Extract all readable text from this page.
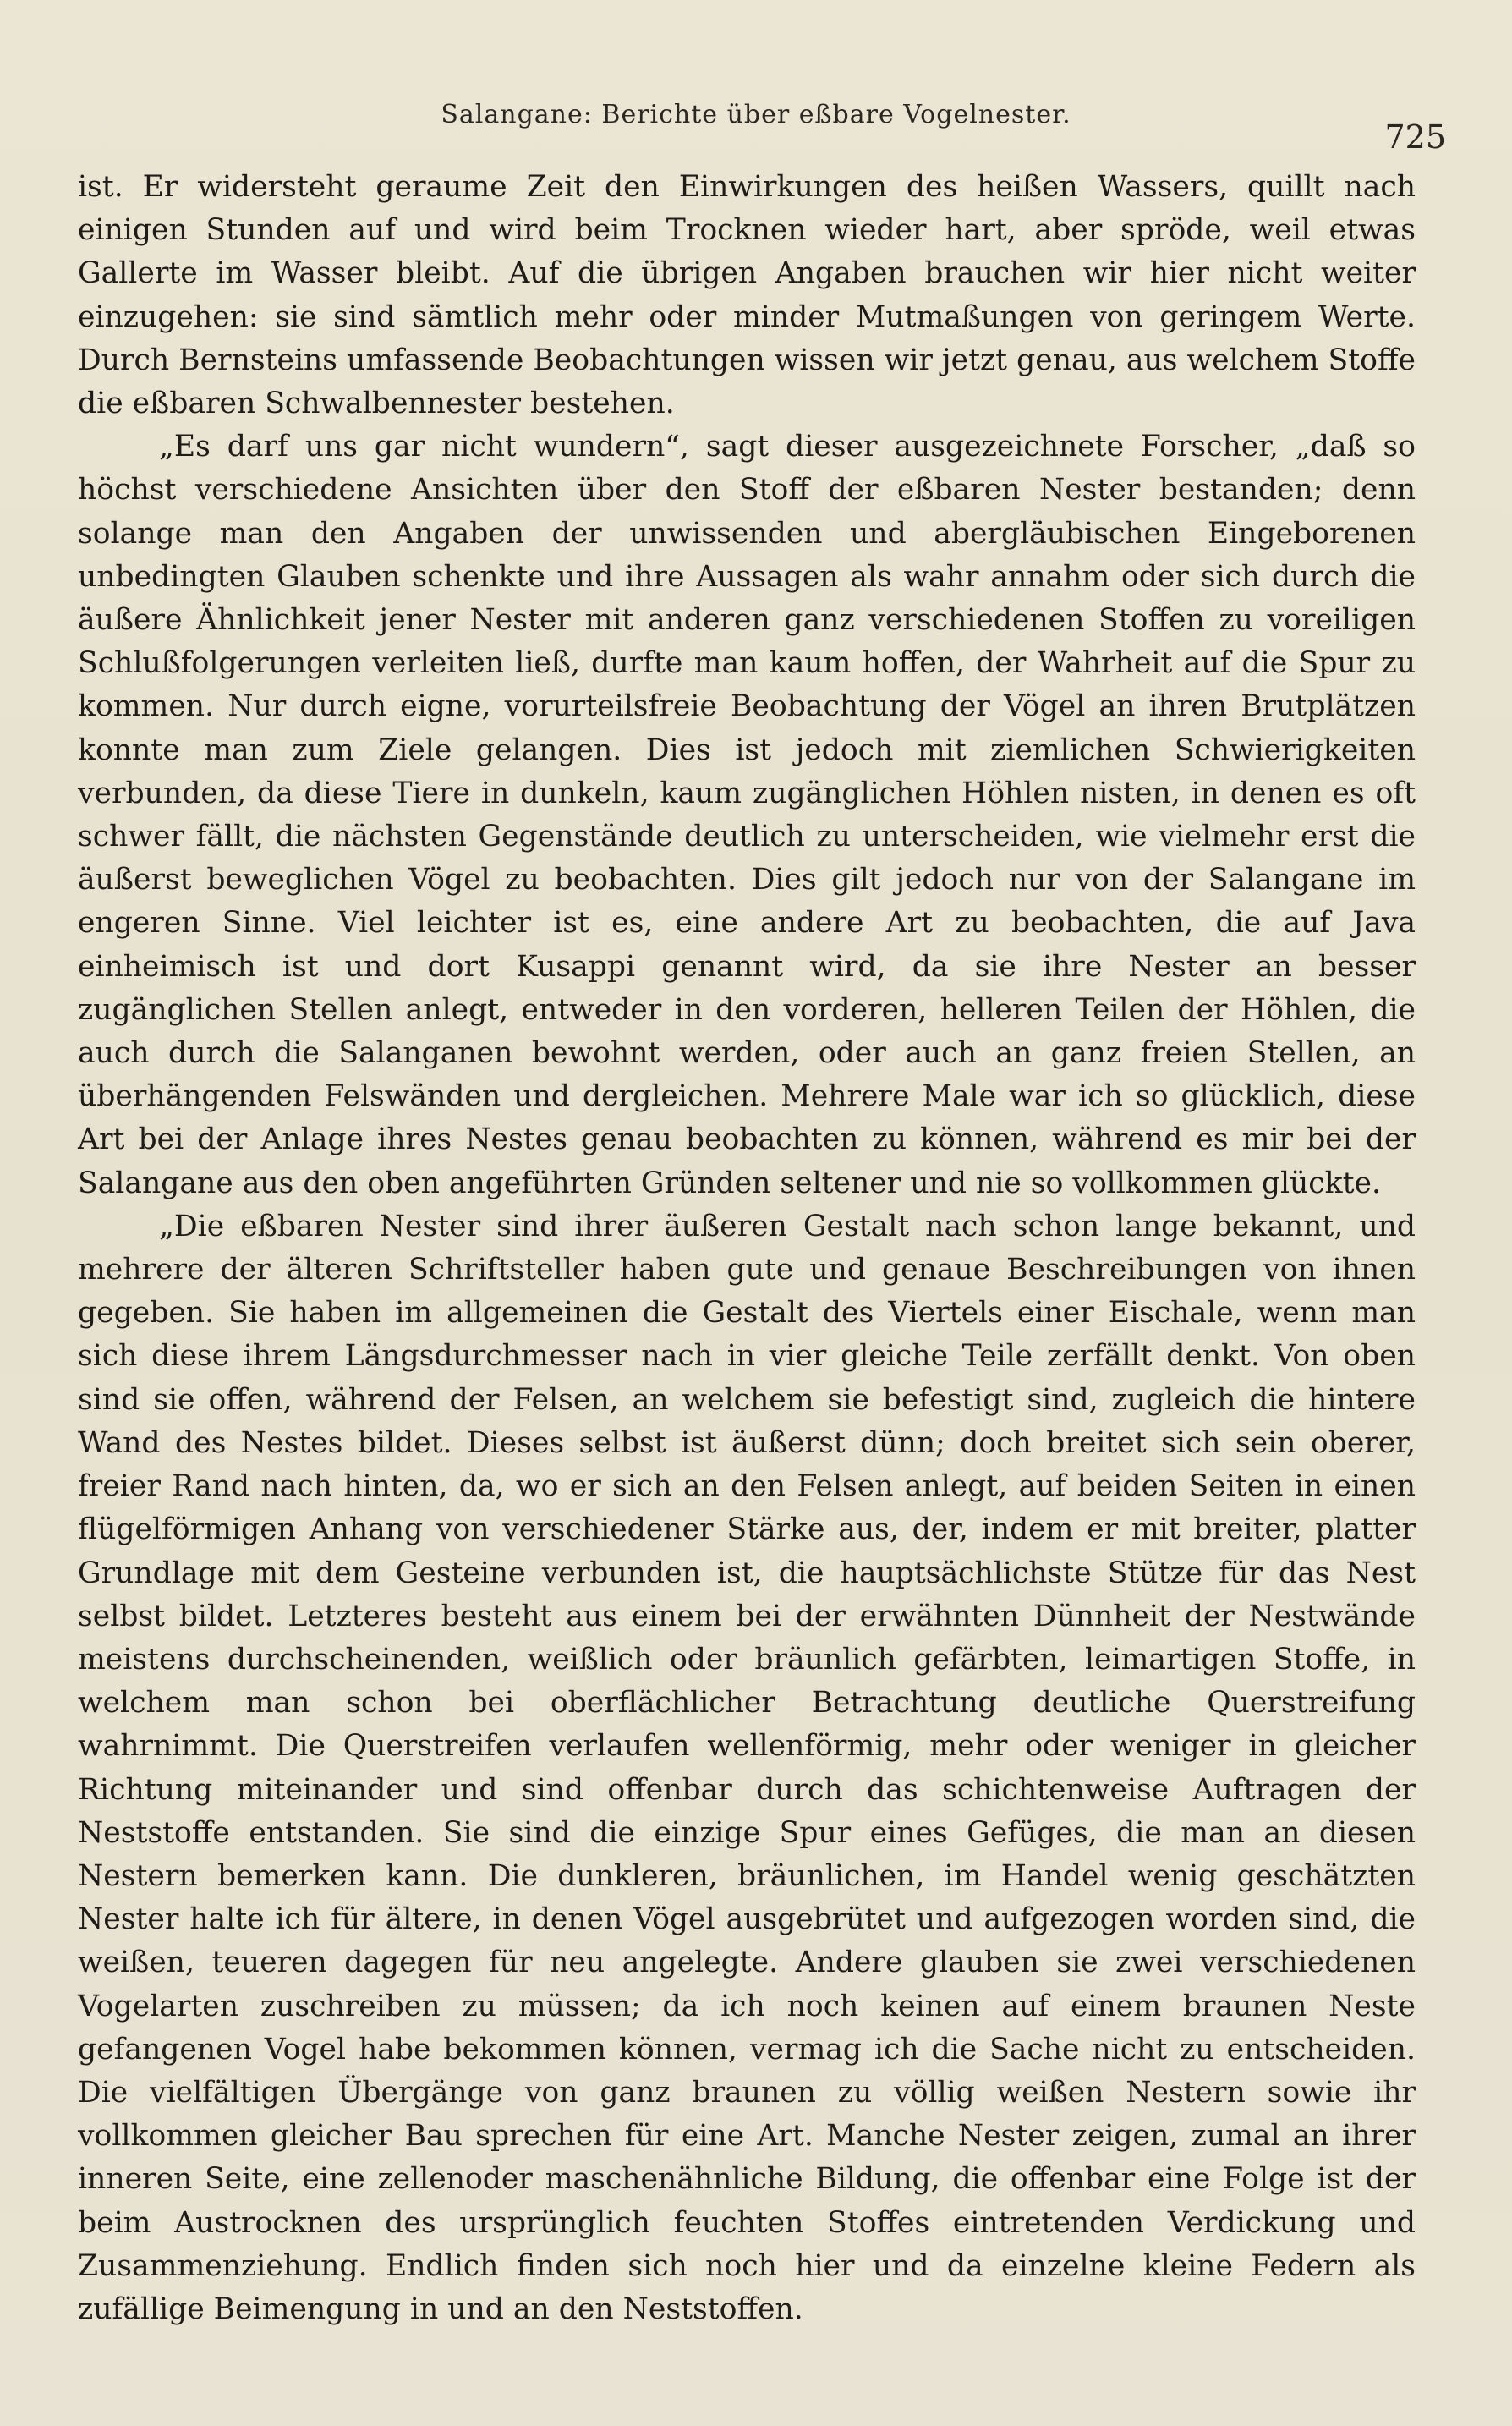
Salangane: Berichte über eßbare Vogelnester.
725

ist. Er widersteht geraume Zeit den Einwirkungen des heißen Wassers, quillt nach einigen Stunden auf und wird beim Trocknen wieder hart, aber spröde, weil etwas Gallerte im Wasser bleibt. Auf die übrigen Angaben brauchen wir hier nicht weiter einzugehen: sie sind sämtlich mehr oder minder Mutmaßungen von geringem Werte. Durch Bernsteins umfassende Beobachtungen wissen wir jetzt genau, aus welchem Stoffe die eßbaren Schwalbennester bestehen.

„Es darf uns gar nicht wundern“, sagt dieser ausgezeichnete Forscher, „daß so höchst verschiedene Ansichten über den Stoff der eßbaren Nester bestanden; denn solange man den Angaben der unwissenden und abergläubischen Eingeborenen unbedingten Glauben schenkte und ihre Aussagen als wahr annahm oder sich durch die äußere Ähnlichkeit jener Nester mit anderen ganz verschiedenen Stoffen zu voreiligen Schlußfolgerungen verleiten ließ, durfte man kaum hoffen, der Wahrheit auf die Spur zu kommen. Nur durch eigne, vorurteilsfreie Beobachtung der Vögel an ihren Brutplätzen konnte man zum Ziele gelangen. Dies ist jedoch mit ziemlichen Schwierigkeiten verbunden, da diese Tiere in dunkeln, kaum zugänglichen Höhlen nisten, in denen es oft schwer fällt, die nächsten Gegenstände deutlich zu unterscheiden, wie vielmehr erst die äußerst beweglichen Vögel zu beobachten. Dies gilt jedoch nur von der Salangane im engeren Sinne. Viel leichter ist es, eine andere Art zu beobachten, die auf Java einheimisch ist und dort Kusappi genannt wird, da sie ihre Nester an besser zugänglichen Stellen anlegt, entweder in den vorderen, helleren Teilen der Höhlen, die auch durch die Salanganen bewohnt werden, oder auch an ganz freien Stellen, an überhängenden Felswänden und dergleichen. Mehrere Male war ich so glücklich, diese Art bei der Anlage ihres Nestes genau beobachten zu können, während es mir bei der Salangane aus den oben angeführten Gründen seltener und nie so vollkommen glückte.

„Die eßbaren Nester sind ihrer äußeren Gestalt nach schon lange bekannt, und mehrere der älteren Schriftsteller haben gute und genaue Beschreibungen von ihnen gegeben. Sie haben im allgemeinen die Gestalt des Viertels einer Eischale, wenn man sich diese ihrem Längsdurchmesser nach in vier gleiche Teile zerfällt denkt. Von oben sind sie offen, während der Felsen, an welchem sie befestigt sind, zugleich die hintere Wand des Nestes bildet. Dieses selbst ist äußerst dünn; doch breitet sich sein oberer, freier Rand nach hinten, da, wo er sich an den Felsen anlegt, auf beiden Seiten in einen flügelförmigen Anhang von verschiedener Stärke aus, der, indem er mit breiter, platter Grundlage mit dem Gesteine verbunden ist, die hauptsächlichste Stütze für das Nest selbst bildet. Letzteres besteht aus einem bei der erwähnten Dünnheit der Nestwände meistens durchscheinenden, weißlich oder bräunlich gefärbten, leimartigen Stoffe, in welchem man schon bei oberflächlicher Betrachtung deutliche Querstreifung wahrnimmt. Die Querstreifen verlaufen wellenförmig, mehr oder weniger in gleicher Richtung miteinander und sind offenbar durch das schichtenweise Auftragen der Neststoffe entstanden. Sie sind die einzige Spur eines Gefüges, die man an diesen Nestern bemerken kann. Die dunkleren, bräunlichen, im Handel wenig geschätzten Nester halte ich für ältere, in denen Vögel ausgebrütet und aufgezogen worden sind, die weißen, teueren dagegen für neu angelegte. Andere glauben sie zwei verschiedenen Vogelarten zuschreiben zu müssen; da ich noch keinen auf einem braunen Neste gefangenen Vogel habe bekommen können, vermag ich die Sache nicht zu entscheiden. Die vielfältigen Übergänge von ganz braunen zu völlig weißen Nestern sowie ihr vollkommen gleicher Bau sprechen für eine Art. Manche Nester zeigen, zumal an ihrer inneren Seite, eine zellenoder maschenähnliche Bildung, die offenbar eine Folge ist der beim Austrocknen des ursprünglich feuchten Stoffes eintretenden Verdickung und Zusammenziehung. Endlich finden sich noch hier und da einzelne kleine Federn als zufällige Beimengung in und an den Neststoffen.
